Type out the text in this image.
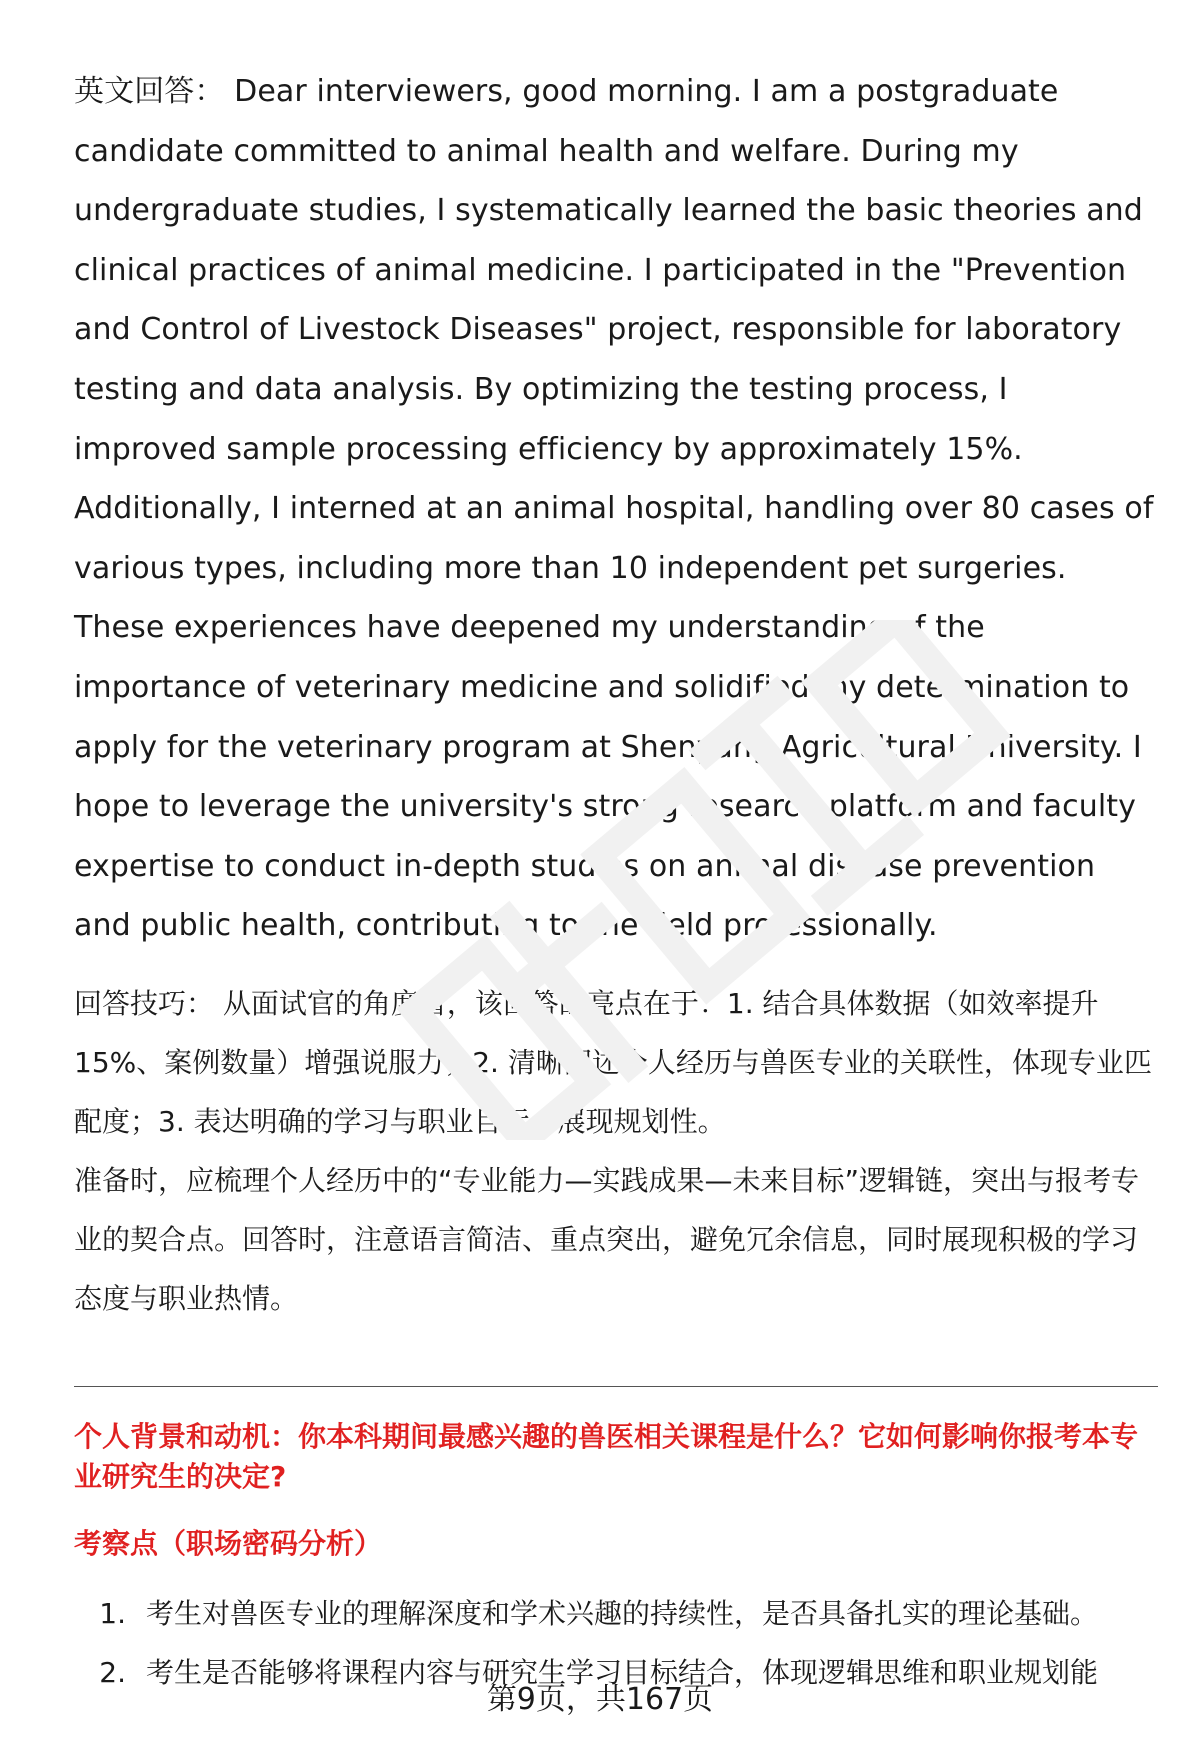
英文回答： Dear interviewers, good morning. I am a postgraduate candidate committed to animal health and welfare. During my undergraduate studies, I systematically learned the basic theories and clinical practices of animal medicine. I participated in the "Prevention and Control of Livestock Diseases" project, responsible for laboratory testing and data analysis. By optimizing the testing process, I improved sample processing efficiency by approximately 15%. Additionally, I interned at an animal hospital, handling over 80 cases of various types, including more than 10 independent pet surgeries. These experiences have deepened my understanding of the importance of veterinary medicine and solidified my determination to apply for the veterinary program at Shenyang Agricultural University. I hope to leverage the university's strong research platform and faculty expertise to conduct in-depth studies on animal disease prevention and public health, contributing to the field professionally.

回答技巧： 从面试官的角度看，该回答的亮点在于：1. 结合具体数据（如效率提升15%、案例数量）增强说服力；2. 清晰阐述个人经历与兽医专业的关联性，体现专业匹配度；3. 表达明确的学习与职业目标，展现规划性。

准备时，应梳理个人经历中的“专业能力—实践成果—未来目标”逻辑链，突出与报考专业的契合点。回答时，注意语言简洁、重点突出，避免冗余信息，同时展现积极的学习态度与职业热情。

个人背景和动机：你本科期间最感兴趣的兽医相关课程是什么？它如何影响你报考本专业研究生的决定?

考察点（职场密码分析）

1. 考生对兽医专业的理解深度和学术兴趣的持续性，是否具备扎实的理论基础。
2. 考生是否能够将课程内容与研究生学习目标结合，体现逻辑思维和职业规划能
第9页，共167页
